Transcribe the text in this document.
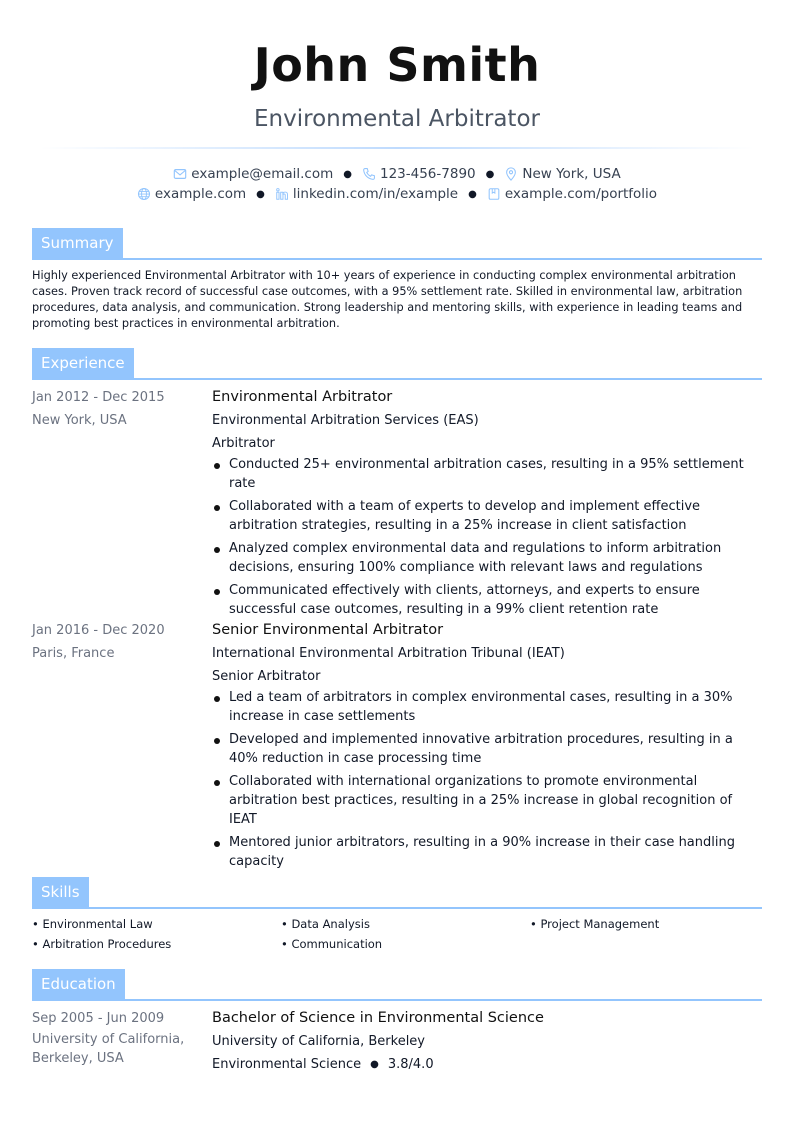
John Smith
Environmental Arbitrator
example@email.com ● 123-456-7890 ● New York, USA
example.com ● linkedin.com/in/example ● example.com/portfolio
Summary

Highly experienced Environmental Arbitrator with 10+ years of experience in conducting complex environmental arbitration cases. Proven track record of successful case outcomes, with a 95% settlement rate. Skilled in environmental law, arbitration procedures, data analysis, and communication. Strong leadership and mentoring skills, with experience in leading teams and promoting best practices in environmental arbitration.

Experience
Jan 2012 - Dec 2015
New York, USA
Environmental Arbitrator
Environmental Arbitration Services (EAS)
Arbitrator
Conducted 25+ environmental arbitration cases, resulting in a 95% settlement rate
Collaborated with a team of experts to develop and implement effective arbitration strategies, resulting in a 25% increase in client satisfaction
Analyzed complex environmental data and regulations to inform arbitration decisions, ensuring 100% compliance with relevant laws and regulations
Communicated effectively with clients, attorneys, and experts to ensure successful case outcomes, resulting in a 99% client retention rate
Jan 2016 - Dec 2020
Paris, France
Senior Environmental Arbitrator
International Environmental Arbitration Tribunal (IEAT)
Senior Arbitrator
Led a team of arbitrators in complex environmental cases, resulting in a 30% increase in case settlements
Developed and implemented innovative arbitration procedures, resulting in a 40% reduction in case processing time
Collaborated with international organizations to promote environmental arbitration best practices, resulting in a 25% increase in global recognition of IEAT
Mentored junior arbitrators, resulting in a 90% increase in their case handling capacity
Skills
• Environmental Law	• Data Analysis	• Project Management
• Arbitration Procedures	• Communication
Education
Sep 2005 - Jun 2009
University of California, Berkeley, USA
Bachelor of Science in Environmental Science
University of California, Berkeley
Environmental Science ● 3.8/4.0
